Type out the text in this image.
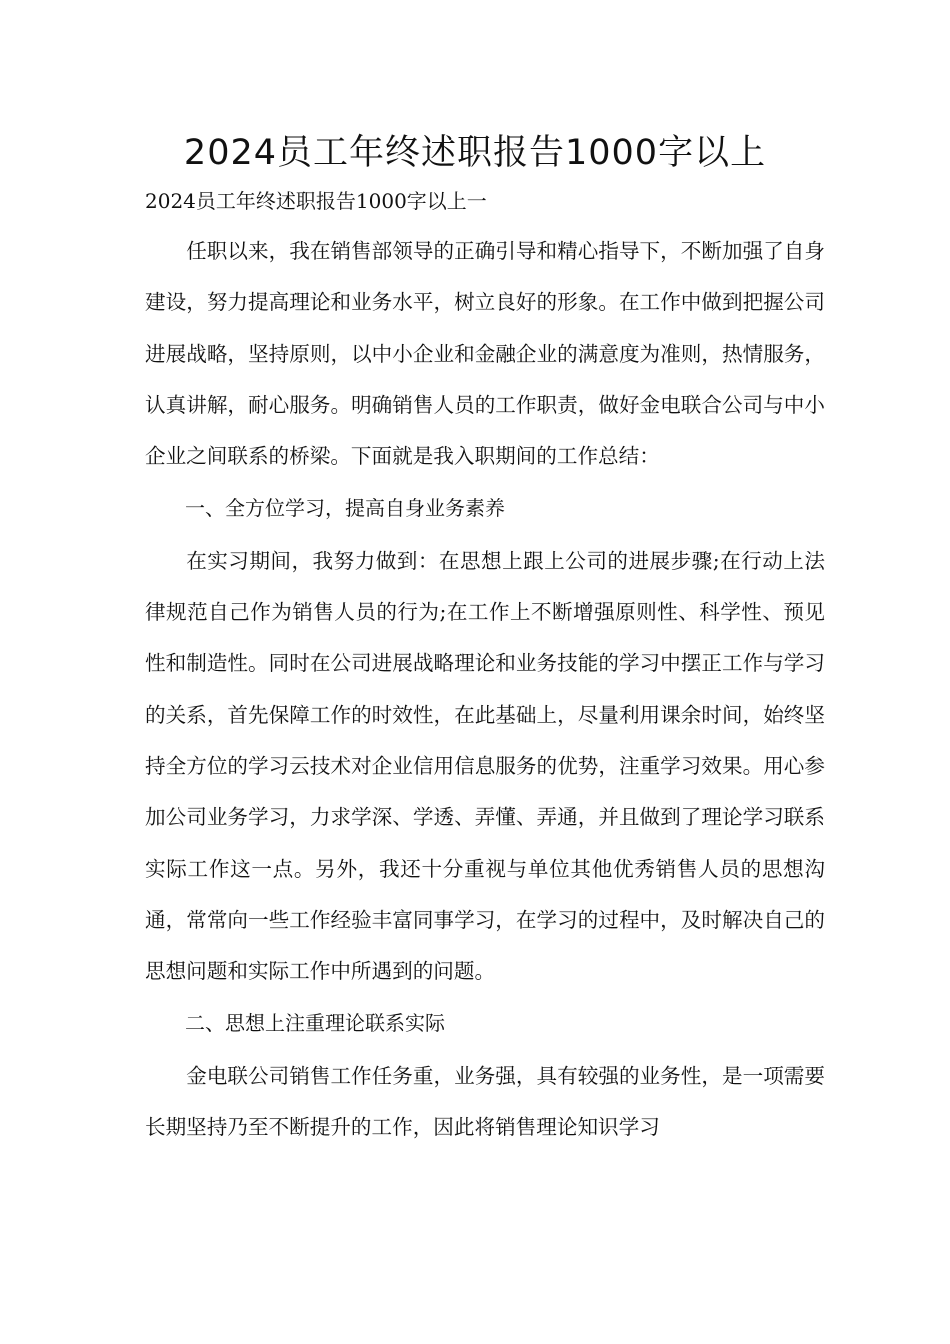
2024员工年终述职报告1000字以上
2024员工年终述职报告1000字以上一

任职以来，我在销售部领导的正确引导和精心指导下，不断加强了自身建设，努力提高理论和业务水平，树立良好的形象。在工作中做到把握公司进展战略，坚持原则，以中小企业和金融企业的满意度为准则，热情服务，认真讲解，耐心服务。明确销售人员的工作职责，做好金电联合公司与中小企业之间联系的桥梁。下面就是我入职期间的工作总结：

一、全方位学习，提高自身业务素养

在实习期间，我努力做到：在思想上跟上公司的进展步骤;在行动上法律规范自己作为销售人员的行为;在工作上不断增强原则性、科学性、预见性和制造性。同时在公司进展战略理论和业务技能的学习中摆正工作与学习的关系，首先保障工作的时效性，在此基础上，尽量利用课余时间，始终坚持全方位的学习云技术对企业信用信息服务的优势，注重学习效果。用心参加公司业务学习，力求学深、学透、弄懂、弄通，并且做到了理论学习联系实际工作这一点。另外，我还十分重视与单位其他优秀销售人员的思想沟通，常常向一些工作经验丰富同事学习，在学习的过程中，及时解决自己的思想问题和实际工作中所遇到的问题。

二、思想上注重理论联系实际

金电联公司销售工作任务重，业务强，具有较强的业务性，是一项需要长期坚持乃至不断提升的工作，因此将销售理论知识学习
